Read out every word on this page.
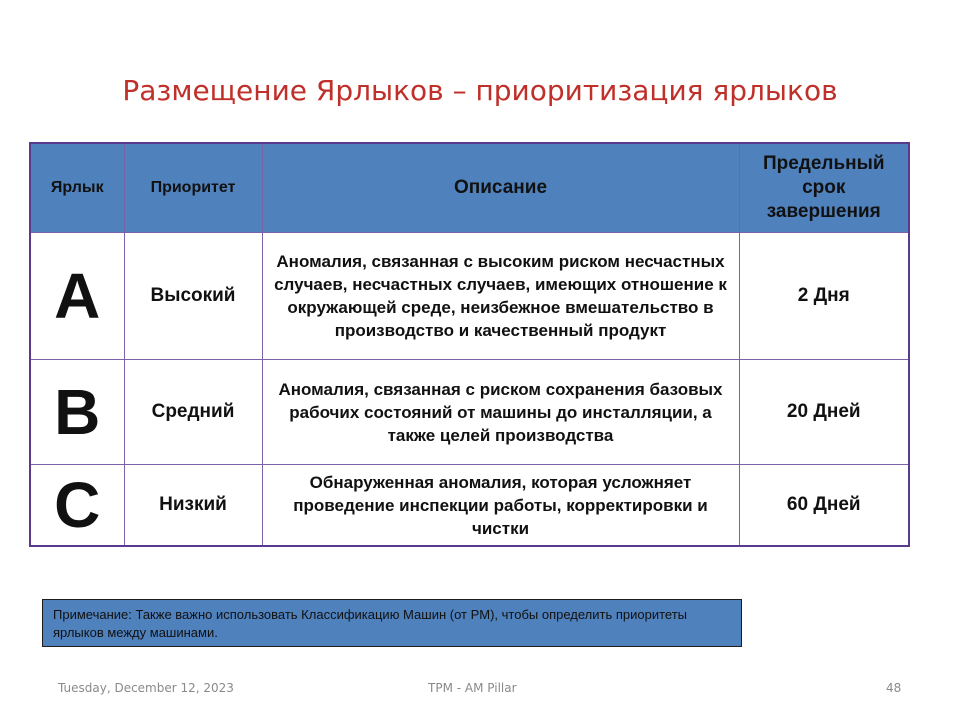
Размещение Ярлыков – приоритизация ярлыков
Ярлык	Приоритет	Описание	Предельный срок завершения
A	Высокий	Аномалия, связанная с высоким риском несчастных случаев, несчастных случаев, имеющих отношение к окружающей среде, неизбежное вмешательство в производство и качественный продукт	2 Дня
B	Средний	Аномалия, связанная с риском сохранения базовых рабочих состояний от машины до инсталляции, а также целей производства	20 Дней
C	Низкий	Обнаруженная аномалия, которая усложняет проведение инспекции работы, корректировки и чистки	60 Дней
Примечание: Также важно использовать Классификацию Машин (от PM), чтобы определить приоритеты ярлыков между машинами.
Tuesday, December 12, 2023	TPM - AM Pillar	48
